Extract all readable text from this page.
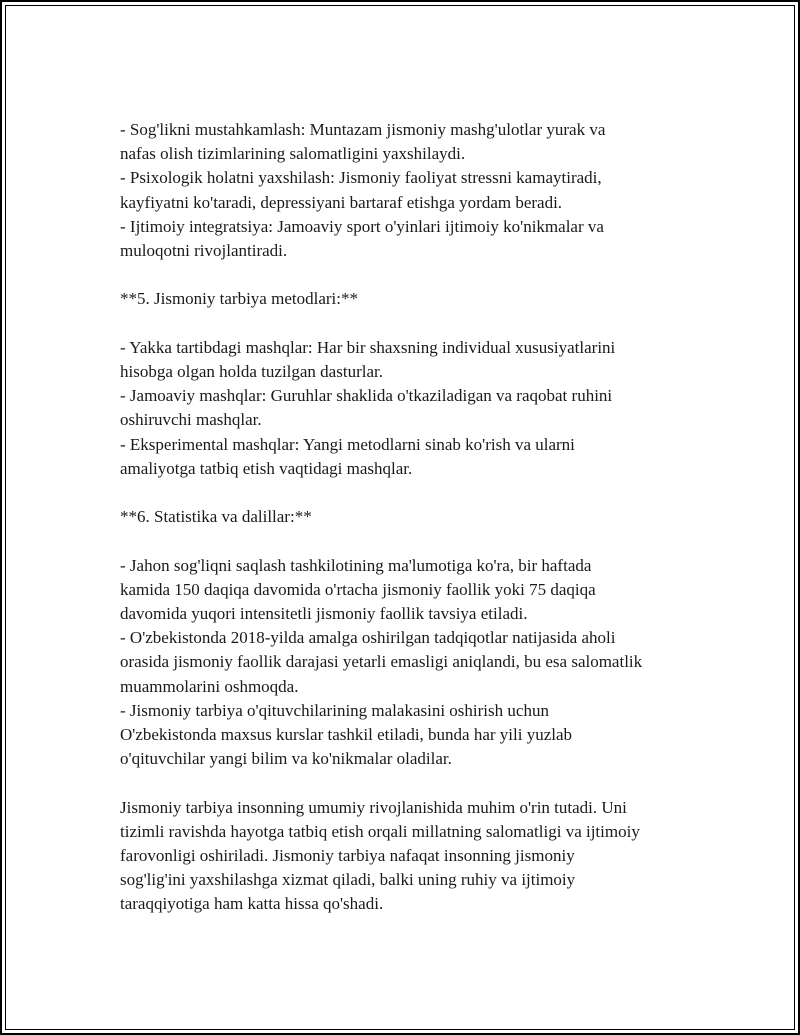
- Sog'likni mustahkamlash: Muntazam jismoniy mashg'ulotlar yurak va
nafas olish tizimlarining salomatligini yaxshilaydi.
- Psixologik holatni yaxshilash: Jismoniy faoliyat stressni kamaytiradi,
kayfiyatni ko'taradi, depressiyani bartaraf etishga yordam beradi.
- Ijtimoiy integratsiya: Jamoaviy sport o'yinlari ijtimoiy ko'nikmalar va
muloqotni rivojlantiradi.
**5. Jismoniy tarbiya metodlari:**
- Yakka tartibdagi mashqlar: Har bir shaxsning individual xususiyatlarini
hisobga olgan holda tuzilgan dasturlar.
- Jamoaviy mashqlar: Guruhlar shaklida o'tkaziladigan va raqobat ruhini
oshiruvchi mashqlar.
- Eksperimental mashqlar: Yangi metodlarni sinab ko'rish va ularni
amaliyotga tatbiq etish vaqtidagi mashqlar.
**6. Statistika va dalillar:**
- Jahon sog'liqni saqlash tashkilotining ma'lumotiga ko'ra, bir haftada
kamida 150 daqiqa davomida o'rtacha jismoniy faollik yoki 75 daqiqa
davomida yuqori intensitetli jismoniy faollik tavsiya etiladi.
- O'zbekistonda 2018-yilda amalga oshirilgan tadqiqotlar natijasida aholi
orasida jismoniy faollik darajasi yetarli emasligi aniqlandi, bu esa salomatlik
muammolarini oshmoqda.
- Jismoniy tarbiya o'qituvchilarining malakasini oshirish uchun
O'zbekistonda maxsus kurslar tashkil etiladi, bunda har yili yuzlab
o'qituvchilar yangi bilim va ko'nikmalar oladilar.
Jismoniy tarbiya insonning umumiy rivojlanishida muhim o'rin tutadi. Uni
tizimli ravishda hayotga tatbiq etish orqali millatning salomatligi va ijtimoiy
farovonligi oshiriladi. Jismoniy tarbiya nafaqat insonning jismoniy
sog'lig'ini yaxshilashga xizmat qiladi, balki uning ruhiy va ijtimoiy
taraqqiyotiga ham katta hissa qo'shadi.
